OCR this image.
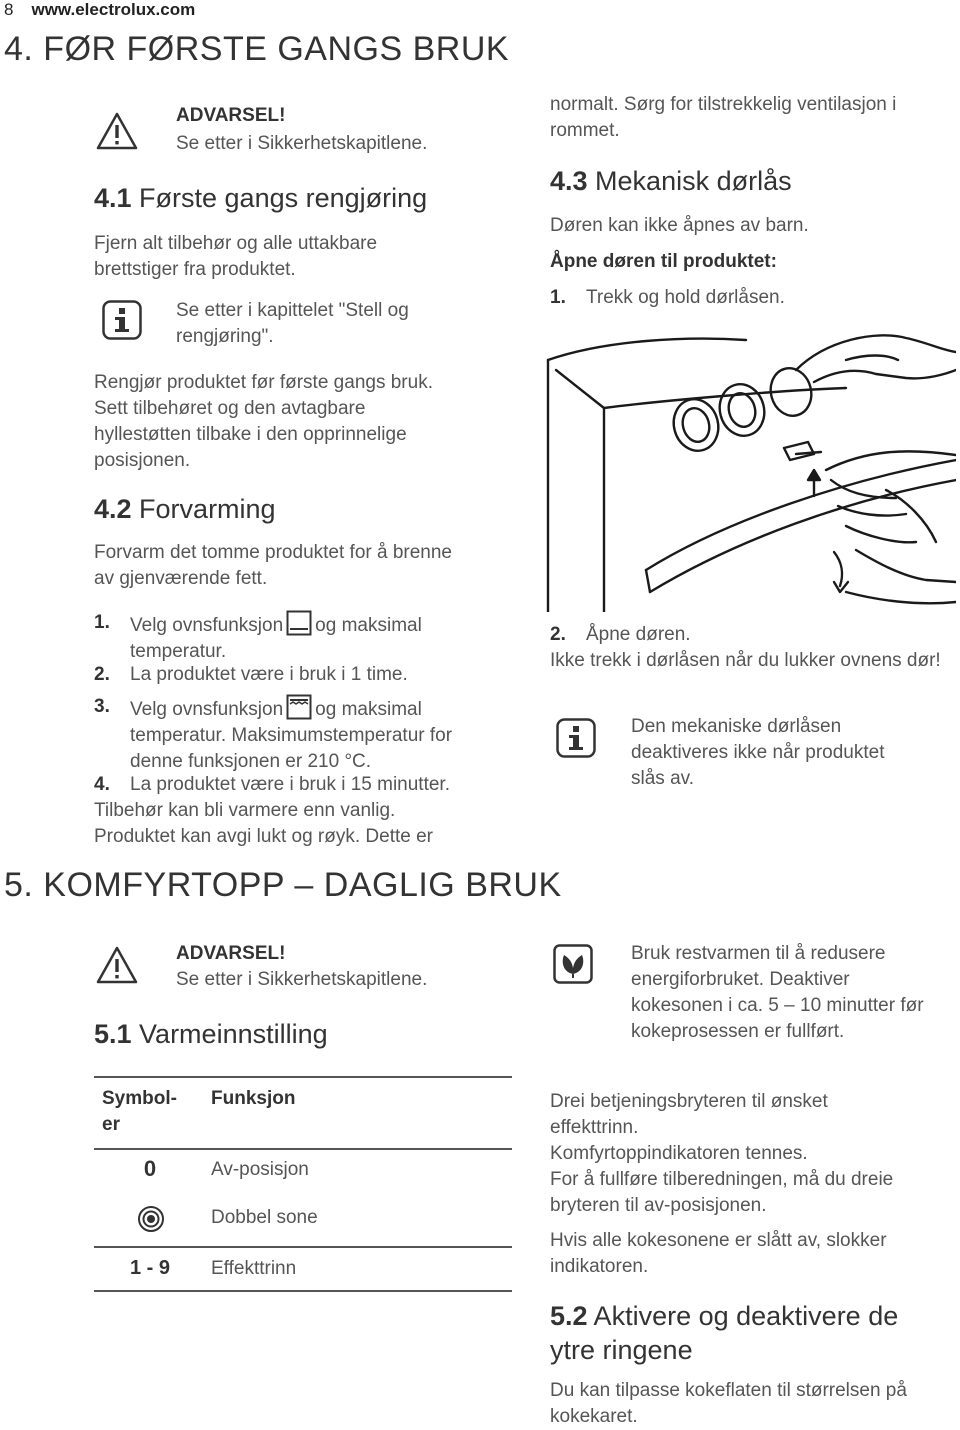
8 www.electrolux.com
4. FØR FØRSTE GANGS BRUK
ADVARSEL!
Se etter i Sikkerhetskapitlene.
4.1 Første gangs rengjøring

Fjern alt tilbehør og alle uttakbare brettstiger fra produktet.

Se etter i kapittelet "Stell og rengjøring".

Rengjør produktet før første gangs bruk. Sett tilbehøret og den avtagbare hyllestøtten tilbake i den opprinnelige posisjonen.

4.2 Forvarming

Forvarm det tomme produktet for å brenne av gjenværende fett.

1. Velg ovnsfunksjon og maksimal
temperatur.
2. La produktet være i bruk i 1 time.
3. Velg ovnsfunksjon og maksimal
temperatur. Maksimumstemperatur for
denne funksjonen er 210 °C.
4. La produktet være i bruk i 15 minutter.

Tilbehør kan bli varmere enn vanlig.

Produktet kan avgi lukt og røyk. Dette er

normalt. Sørg for tilstrekkelig ventilasjon i rommet.

4.3 Mekanisk dørlås

Døren kan ikke åpnes av barn.

Åpne døren til produktet:

1. Trekk og hold dørlåsen.
2. Åpne døren.

Ikke trekk i dørlåsen når du lukker ovnens dør!

Den mekaniske dørlåsen deaktiveres ikke når produktet slås av.

5. KOMFYRTOPP – DAGLIG BRUK
ADVARSEL!
Se etter i Sikkerhetskapitlene.
5.1 Varmeinnstilling
Symbol-
er
Funksjon
0	Av-posisjon
Dobbel sone
1 - 9	Effekttrinn

Bruk restvarmen til å redusere energiforbruket. Deaktiver kokesonen i ca. 5 – 10 minutter før kokeprosessen er fullført.

Drei betjeningsbryteren til ønsket effekttrinn.

Komfyrtoppindikatoren tennes.

For å fullføre tilberedningen, må du dreie bryteren til av-posisjonen.

Hvis alle kokesonene er slått av, slokker indikatoren.

5.2 Aktivere og deaktivere de ytre ringene

Du kan tilpasse kokeflaten til størrelsen på kokekaret.
